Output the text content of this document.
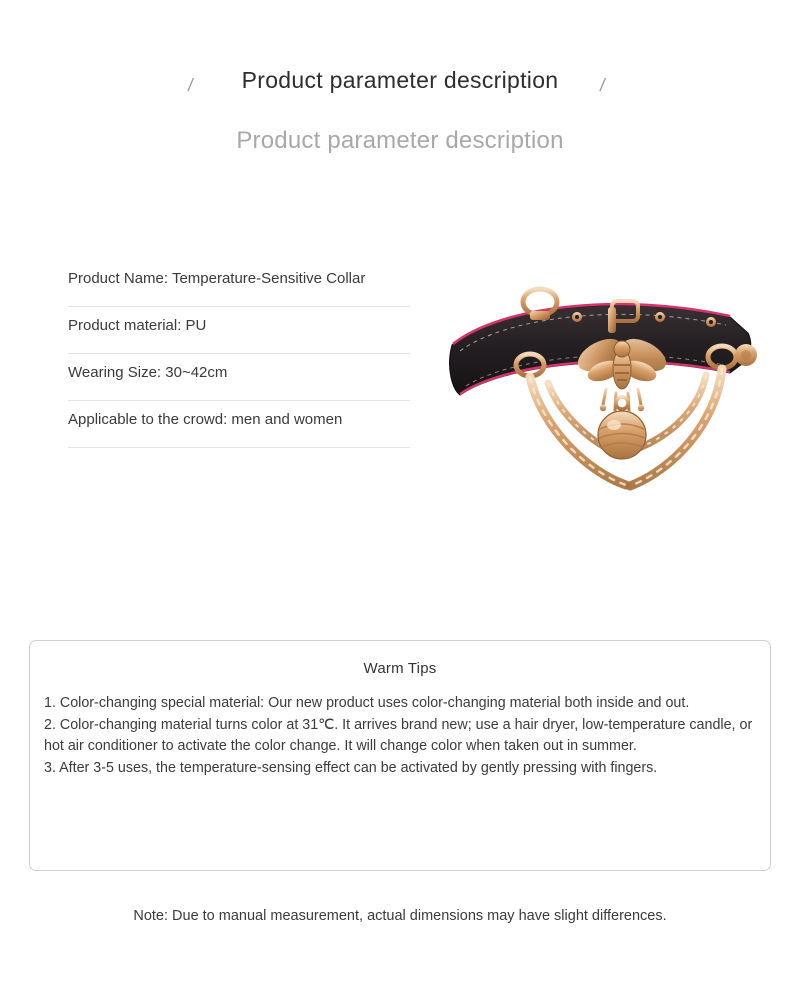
/ Product parameter description /
Product parameter description
Product Name: Temperature-Sensitive Collar
Product material: PU
Wearing Size: 30~42cm
Applicable to the crowd: men and women
Warm Tips

1. Color-changing special material: Our new product uses color-changing material both inside and out.

2. Color-changing material turns color at 31℃. It arrives brand new; use a hair dryer, low-temperature candle, or hot air conditioner to activate the color change. It will change color when taken out in summer.

3. After 3-5 uses, the temperature-sensing effect can be activated by gently pressing with fingers.

Note: Due to manual measurement, actual dimensions may have slight differences.
